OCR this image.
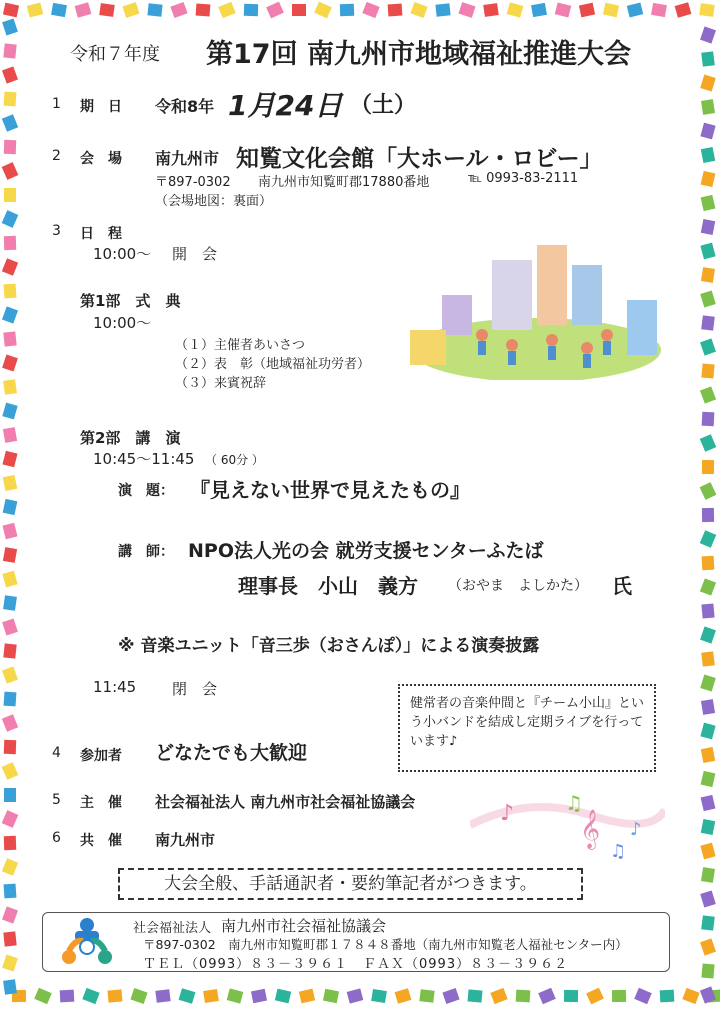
令和７年度 第17回 南九州市地域福祉推進大会
1 期　日 令和8年 1月24日 （土）
2 会　場 南九州市 知覧文化会館「大ホール・ロビー」
〒897-0302 南九州市知覧町郡17880番地	℡ 0993-83-2111
（会場地図：裏面）
3 日　程
10:00～ 開　会
第1部　式　典
10:00～
（１）主催者あいさつ
（２）表　彰（地域福祉功労者）
（３）来賓祝辞
第2部　講　演
10:45～11:45 （ 60分 ）
演　題： 『見えない世界で見えたもの』
講　師： NPO法人光の会 就労支援センターふたば
理事長　小山　義方 （おやま　よしかた） 氏
※ 音楽ユニット「音三歩（おさんぽ）」による演奏披露
11:45 閉　会
健常者の音楽仲間と『チーム小山』という小バンドを結成し定期ライブを行っています♪
4 参加者 どなたでも大歓迎
5 主　催 社会福祉法人 南九州市社会福祉協議会
6 共　催 南九州市
♪	♫
𝄞 ♪
♫
大会全般、手話通訳者・要約筆記者がつきます。
社会福祉法人 南九州市社会福祉協議会
〒897-0302　南九州市知覧町郡１７８４８番地（南九州市知覧老人福祉センター内）
ＴＥＬ（0993）８３－３９６１ ＦＡＸ（0993）８３－３９６２
